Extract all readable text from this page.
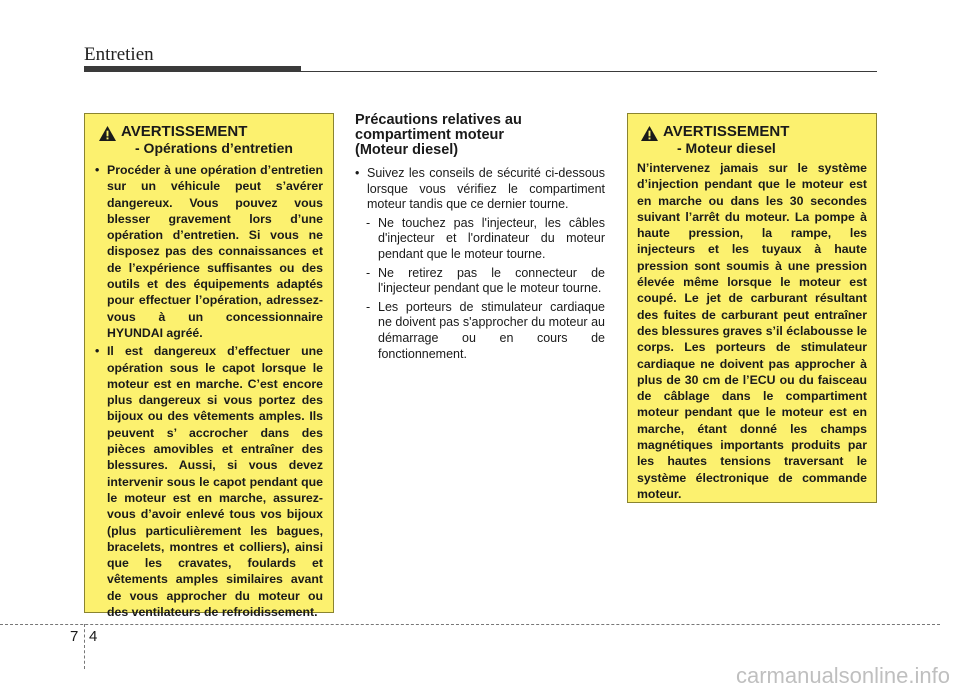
Entretien
AVERTISSEMENT
- Opérations d’entretien
• Procéder à une opération d’entretien sur un véhicule peut s’avérer dangereux. Vous pouvez vous blesser gravement lors d’une opération d’entretien. Si vous ne disposez pas des connaissances et de l’expérience suffisantes ou des outils et des équipements adaptés pour effectuer l’opération, adressez-vous à un concessionnaire HYUNDAI agréé.
• Il est dangereux d’effectuer une opération sous le capot lorsque le moteur est en marche. C’est encore plus dangereux si vous portez des bijoux ou des vêtements amples. Ils peuvent s’ accrocher dans des pièces amovibles et entraîner des blessures. Aussi, si vous devez intervenir sous le capot pendant que le moteur est en marche, assurez-vous d’avoir enlevé tous vos bijoux (plus particulièrement les bagues, bracelets, montres et colliers), ainsi que les cravates, foulards et vêtements amples similaires avant de vous approcher du moteur ou des ventilateurs de refroidissement.
Précautions relatives au
compartiment moteur
(Moteur diesel)
• Suivez les conseils de sécurité ci-dessous lorsque vous vérifiez le compartiment moteur tandis que ce dernier tourne.
- Ne touchez pas l'injecteur, les câbles d'injecteur et l'ordinateur du moteur pendant que le moteur tourne.
- Ne retirez pas le connecteur de l'injecteur pendant que le moteur tourne.
- Les porteurs de stimulateur cardiaque ne doivent pas s'approcher du moteur au démarrage ou en cours de fonctionnement.
AVERTISSEMENT
- Moteur diesel

N’intervenez jamais sur le système d’injection pendant que le moteur est en marche ou dans les 30 secondes suivant l’arrêt du moteur. La pompe à haute pression, la rampe, les injecteurs et les tuyaux à haute pression sont soumis à une pression élevée même lorsque le moteur est coupé. Le jet de carburant résultant des fuites de carburant peut entraîner des blessures graves s’il éclabousse le corps. Les porteurs de stimulateur cardiaque ne doivent pas approcher à plus de 30 cm de l’ECU ou du faisceau de câblage dans le compartiment moteur pendant que le moteur est en marche, étant donné les champs magnétiques importants produits par les hautes tensions traversant le système électronique de commande moteur.

7 4
carmanualsonline.info
